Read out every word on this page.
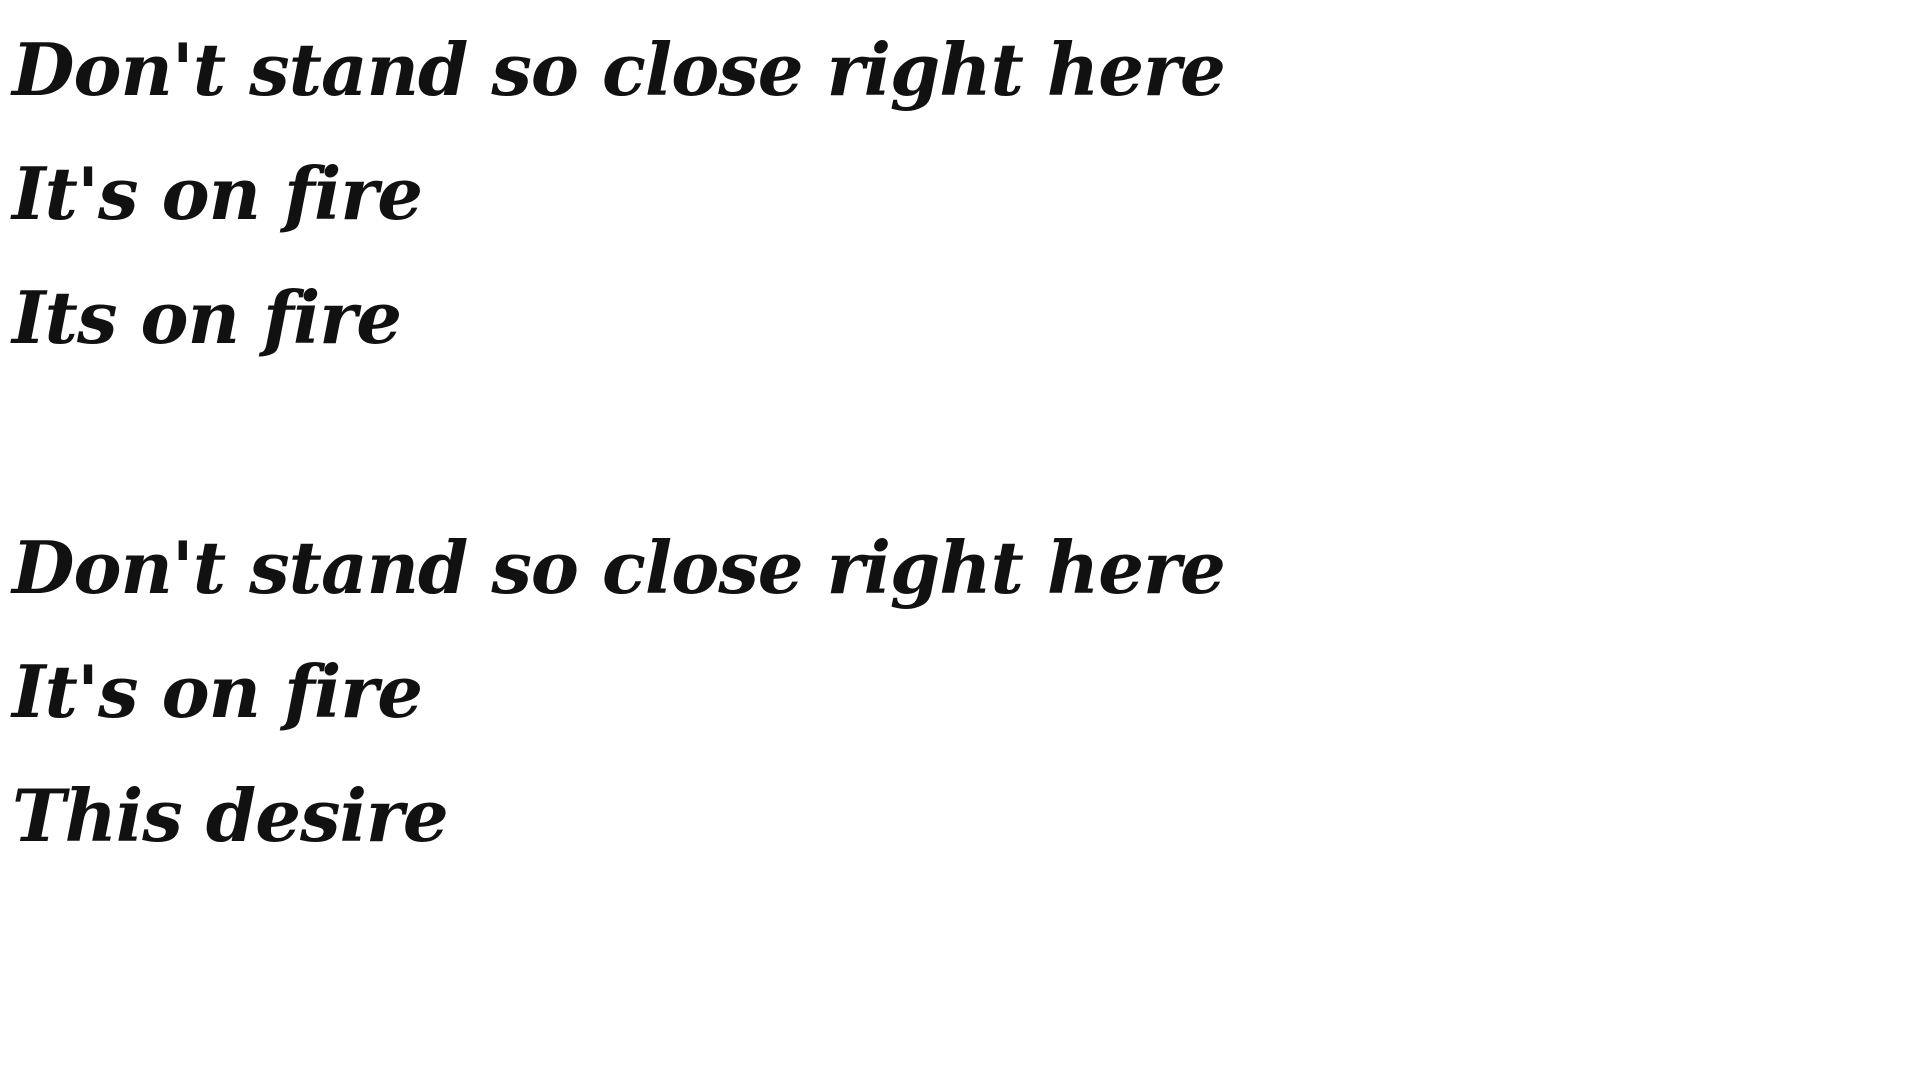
Don't stand so close right here
It's on fire
Its on fire
Don't stand so close right here
It's on fire
This desire
